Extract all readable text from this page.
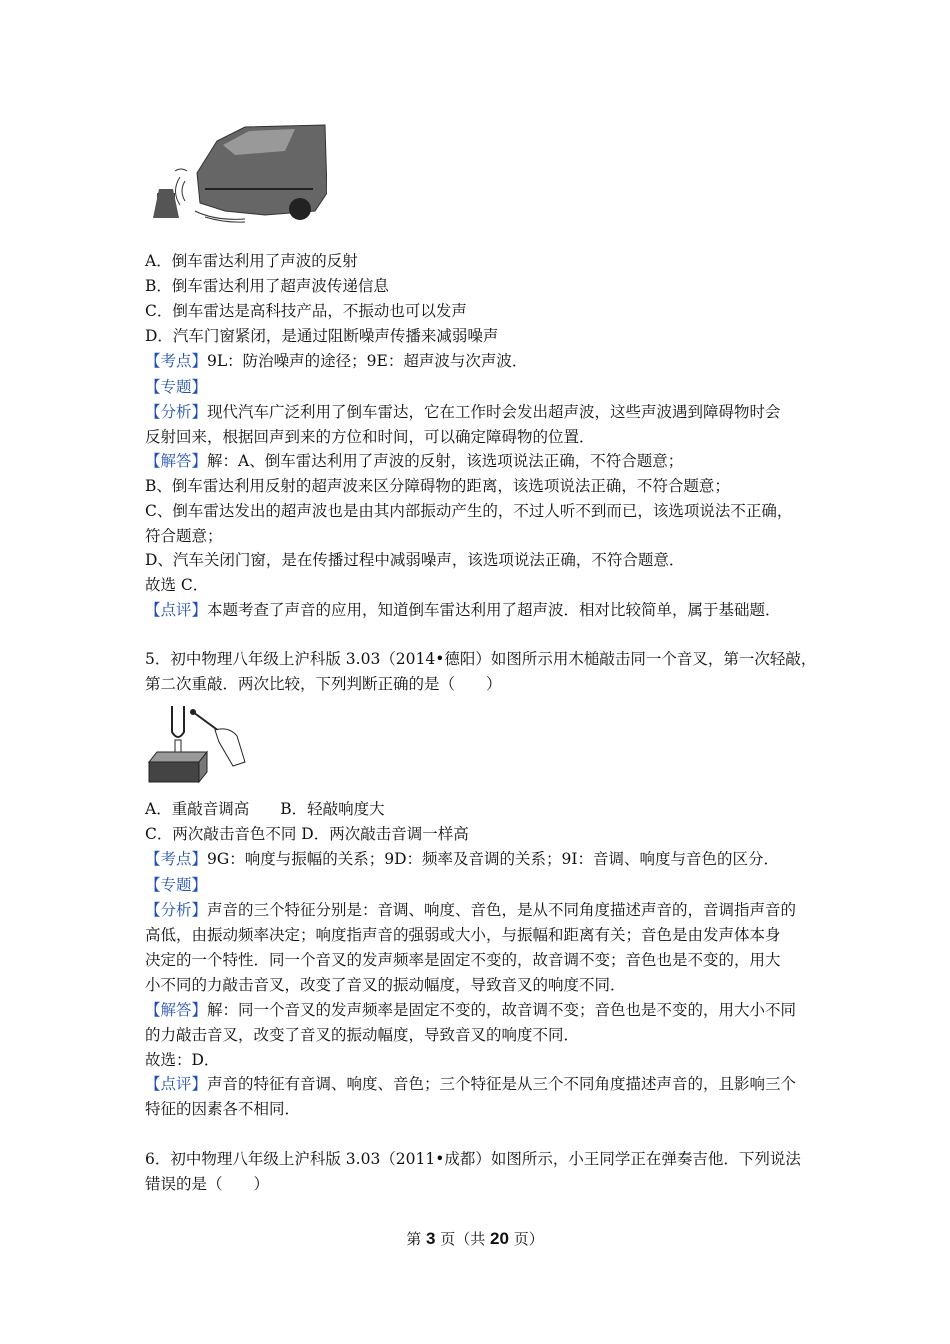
A．倒车雷达利用了声波的反射
B．倒车雷达利用了超声波传递信息
C．倒车雷达是高科技产品，不振动也可以发声
D．汽车门窗紧闭，是通过阻断噪声传播来减弱噪声
【考点】9L：防治噪声的途径；9E：超声波与次声波．
【专题】
【分析】现代汽车广泛利用了倒车雷达，它在工作时会发出超声波，这些声波遇到障碍物时会
反射回来，根据回声到来的方位和时间，可以确定障碍物的位置．
【解答】解：A、倒车雷达利用了声波的反射，该选项说法正确，不符合题意；
B、倒车雷达利用反射的超声波来区分障碍物的距离，该选项说法正确，不符合题意；
C、倒车雷达发出的超声波也是由其内部振动产生的，不过人听不到而已，该选项说法不正确，
符合题意；
D、汽车关闭门窗，是在传播过程中减弱噪声，该选项说法正确，不符合题意．
故选 C．
【点评】本题考查了声音的应用，知道倒车雷达利用了超声波．相对比较简单，属于基础题．
5．初中物理八年级上沪科版 3.03（2014•德阳）如图所示用木槌敲击同一个音叉，第一次轻敲，
第二次重敲．两次比较，下列判断正确的是（　　）
A．重敲音调高　　B．轻敲响度大
C．两次敲击音色不同 D．两次敲击音调一样高
【考点】9G：响度与振幅的关系；9D：频率及音调的关系；9I：音调、响度与音色的区分．
【专题】
【分析】声音的三个特征分别是：音调、响度、音色，是从不同角度描述声音的，音调指声音的
高低，由振动频率决定；响度指声音的强弱或大小，与振幅和距离有关；音色是由发声体本身
决定的一个特性．同一个音叉的发声频率是固定不变的，故音调不变；音色也是不变的，用大
小不同的力敲击音叉，改变了音叉的振动幅度，导致音叉的响度不同．
【解答】解：同一个音叉的发声频率是固定不变的，故音调不变；音色也是不变的，用大小不同
的力敲击音叉，改变了音叉的振动幅度，导致音叉的响度不同．
故选：D．
【点评】声音的特征有音调、响度、音色；三个特征是从三个不同角度描述声音的，且影响三个
特征的因素各不相同．
6．初中物理八年级上沪科版 3.03（2011•成都）如图所示，小王同学正在弹奏吉他．下列说法
错误的是（　　）
第 3 页（共 20 页）
